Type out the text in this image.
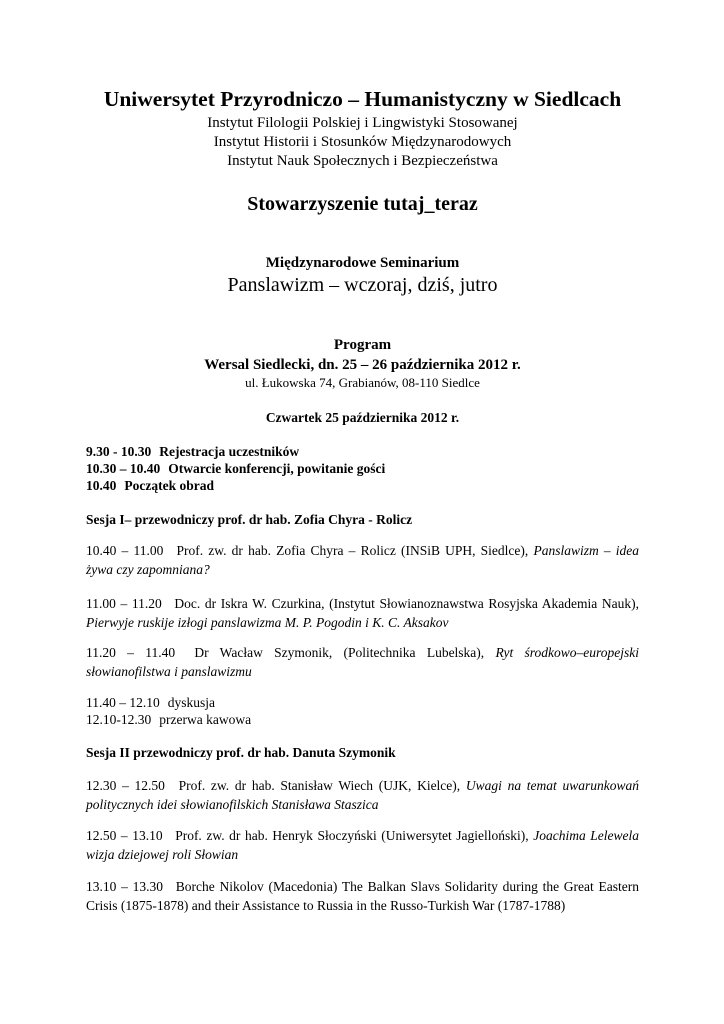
Uniwersytet Przyrodniczo – Humanistyczny w Siedlcach
Instytut Filologii Polskiej i Lingwistyki Stosowanej
Instytut Historii i Stosunków Międzynarodowych
Instytut Nauk Społecznych i Bezpieczeństwa
Stowarzyszenie tutaj_teraz
Międzynarodowe Seminarium
Panslawizm – wczoraj, dziś, jutro
Program
Wersal Siedlecki, dn. 25 – 26 października 2012 r.
ul. Łukowska 74, Grabianów, 08-110 Siedlce
Czwartek 25 października 2012 r.
9.30 - 10.30 Rejestracja uczestników
10.30 – 10.40 Otwarcie konferencji, powitanie gości
10.40 Początek obrad
Sesja I– przewodniczy prof. dr hab. Zofia Chyra - Rolicz
10.40 – 11.00 Prof. zw. dr hab. Zofia Chyra – Rolicz (INSiB UPH, Siedlce), Panslawizm – idea żywa czy zapomniana?
11.00 – 11.20 Doc. dr Iskra W. Czurkina, (Instytut Słowianoznawstwa Rosyjska Akademia Nauk), Pierwyje ruskije izłogi panslawizma M. P. Pogodin i K. C. Aksakov
11.20 – 11.40 Dr Wacław Szymonik, (Politechnika Lubelska), Ryt środkowo–europejski słowianofilstwa i panslawizmu
11.40 – 12.10 dyskusja
12.10-12.30 przerwa kawowa
Sesja II przewodniczy prof. dr hab. Danuta Szymonik
12.30 – 12.50 Prof. zw. dr hab. Stanisław Wiech (UJK, Kielce), Uwagi na temat uwarunkowań politycznych idei słowianofilskich Stanisława Staszica
12.50 – 13.10 Prof. zw. dr hab. Henryk Słoczyński (Uniwersytet Jagielloński), Joachima Lelewela wizja dziejowej roli Słowian
13.10 – 13.30 Borche Nikolov (Macedonia) The Balkan Slavs Solidarity during the Great Eastern Crisis (1875-1878) and their Assistance to Russia in the Russo-Turkish War (1787-1788)
